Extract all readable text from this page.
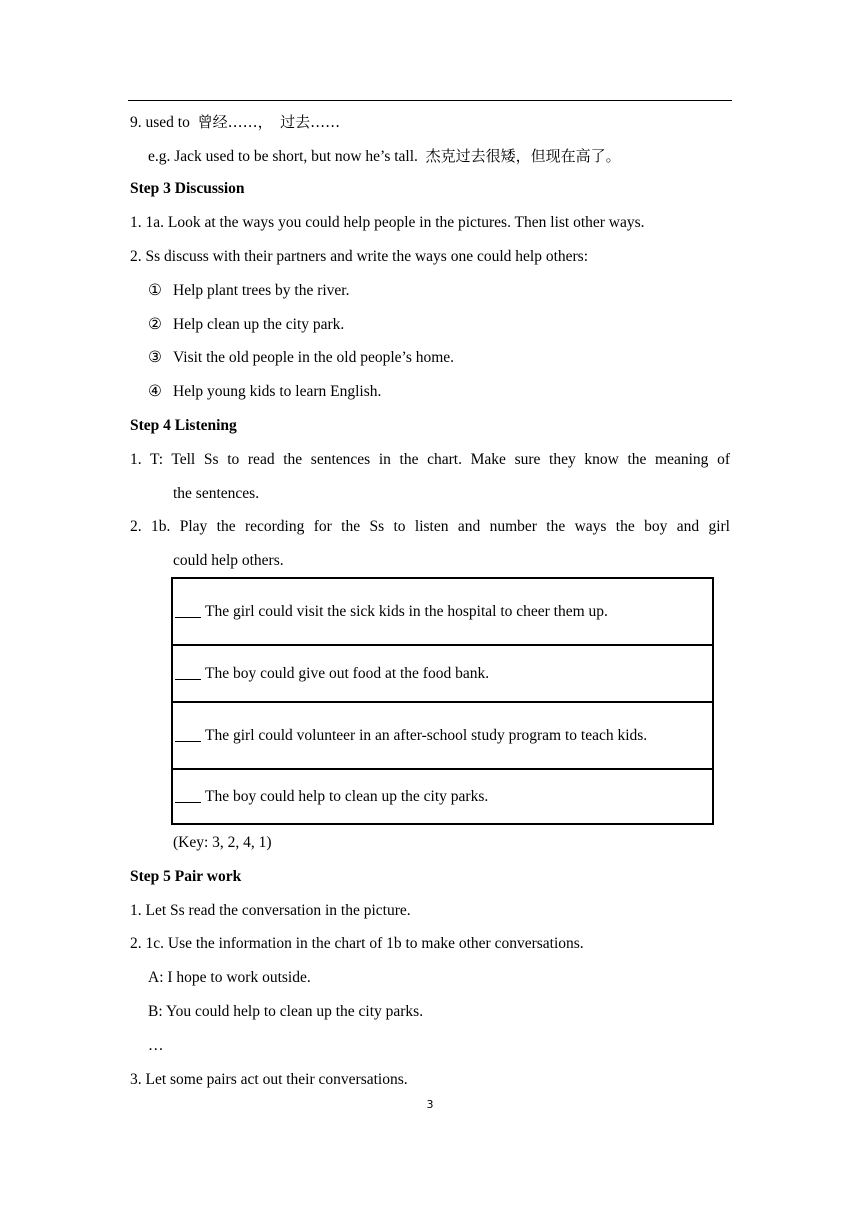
9. used to 曾经……，　过去……
e.g. Jack used to be short, but now he’s tall. 杰克过去很矮，但现在高了。
Step 3 Discussion
1. 1a. Look at the ways you could help people in the pictures. Then list other ways.
2. Ss discuss with their partners and write the ways one could help others:
① Help plant trees by the river.
② Help clean up the city park.
③ Visit the old people in the old people’s home.
④ Help young kids to learn English.
Step 4 Listening
1. T: Tell Ss to read the sentences in the chart. Make sure they know the meaning of
the sentences.
2. 1b. Play the recording for the Ss to listen and number the ways the boy and girl
could help others.
The girl could visit the sick kids in the hospital to cheer them up.
The boy could give out food at the food bank.
The girl could volunteer in an after-school study program to teach kids.
The boy could help to clean up the city parks.
(Key: 3, 2, 4, 1)
Step 5 Pair work
1. Let Ss read the conversation in the picture.
2. 1c. Use the information in the chart of 1b to make other conversations.
A: I hope to work outside.
B: You could help to clean up the city parks.
…
3. Let some pairs act out their conversations.
3
